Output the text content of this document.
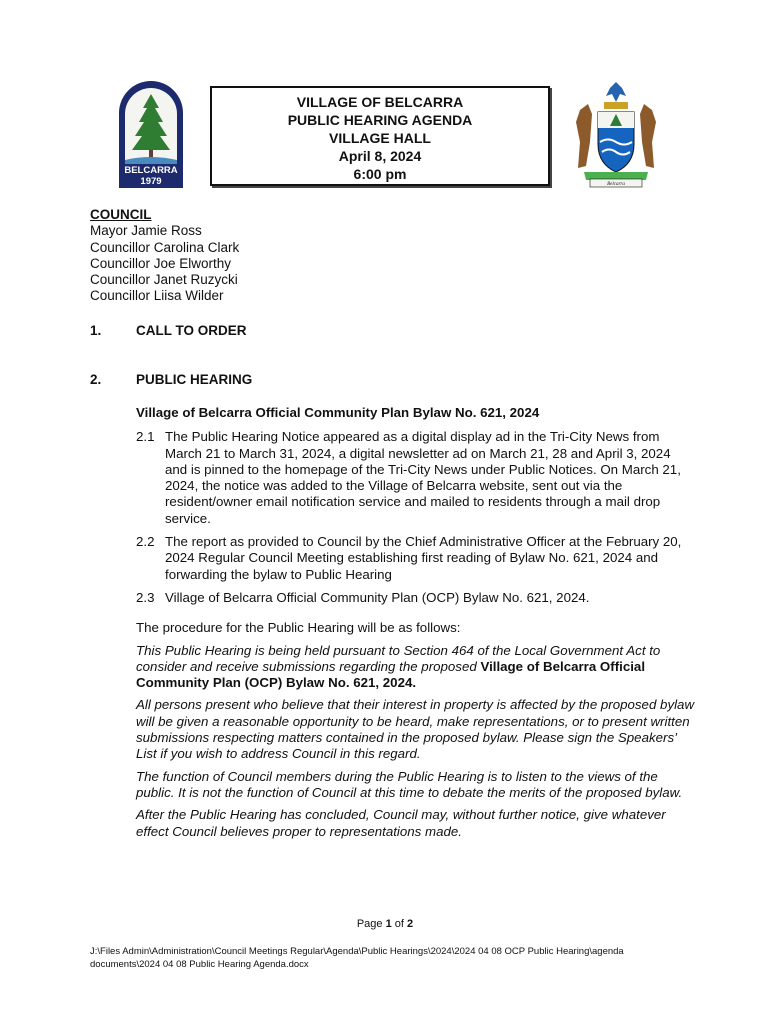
BELCARRA
1979
VILLAGE OF BELCARRA
PUBLIC HEARING AGENDA
VILLAGE HALL
April 8, 2024
6:00 pm
Belcarra
COUNCIL
Mayor Jamie Ross
Councillor Carolina Clark
Councillor Joe Elworthy
Councillor Janet Ruzycki
Councillor Liisa Wilder
1.	CALL TO ORDER
2.	PUBLIC HEARING
Village of Belcarra Official Community Plan Bylaw No. 621, 2024
2.1 The Public Hearing Notice appeared as a digital display ad in the Tri-City News from March 21 to March 31, 2024, a digital newsletter ad on March 21, 28 and April 3, 2024 and is pinned to the homepage of the Tri-City News under Public Notices. On March 21, 2024, the notice was added to the Village of Belcarra website, sent out via the resident/owner email notification service and mailed to residents through a mail drop service.
2.2 The report as provided to Council by the Chief Administrative Officer at the February 20, 2024 Regular Council Meeting establishing first reading of Bylaw No. 621, 2024 and forwarding the bylaw to Public Hearing
2.3 Village of Belcarra Official Community Plan (OCP) Bylaw No. 621, 2024.
The procedure for the Public Hearing will be as follows:
This Public Hearing is being held pursuant to Section 464 of the Local Government Act to consider and receive submissions regarding the proposed Village of Belcarra Official Community Plan (OCP) Bylaw No. 621, 2024.
All persons present who believe that their interest in property is affected by the proposed bylaw will be given a reasonable opportunity to be heard, make representations, or to present written submissions respecting matters contained in the proposed bylaw. Please sign the Speakers’ List if you wish to address Council in this regard.
The function of Council members during the Public Hearing is to listen to the views of the public. It is not the function of Council at this time to debate the merits of the proposed bylaw.
After the Public Hearing has concluded, Council may, without further notice, give whatever effect Council believes proper to representations made.
Page 1 of 2
J:\Files Admin\Administration\Council Meetings Regular\Agenda\Public Hearings\2024\2024 04 08 OCP Public Hearing\agenda
documents\2024 04 08 Public Hearing Agenda.docx
